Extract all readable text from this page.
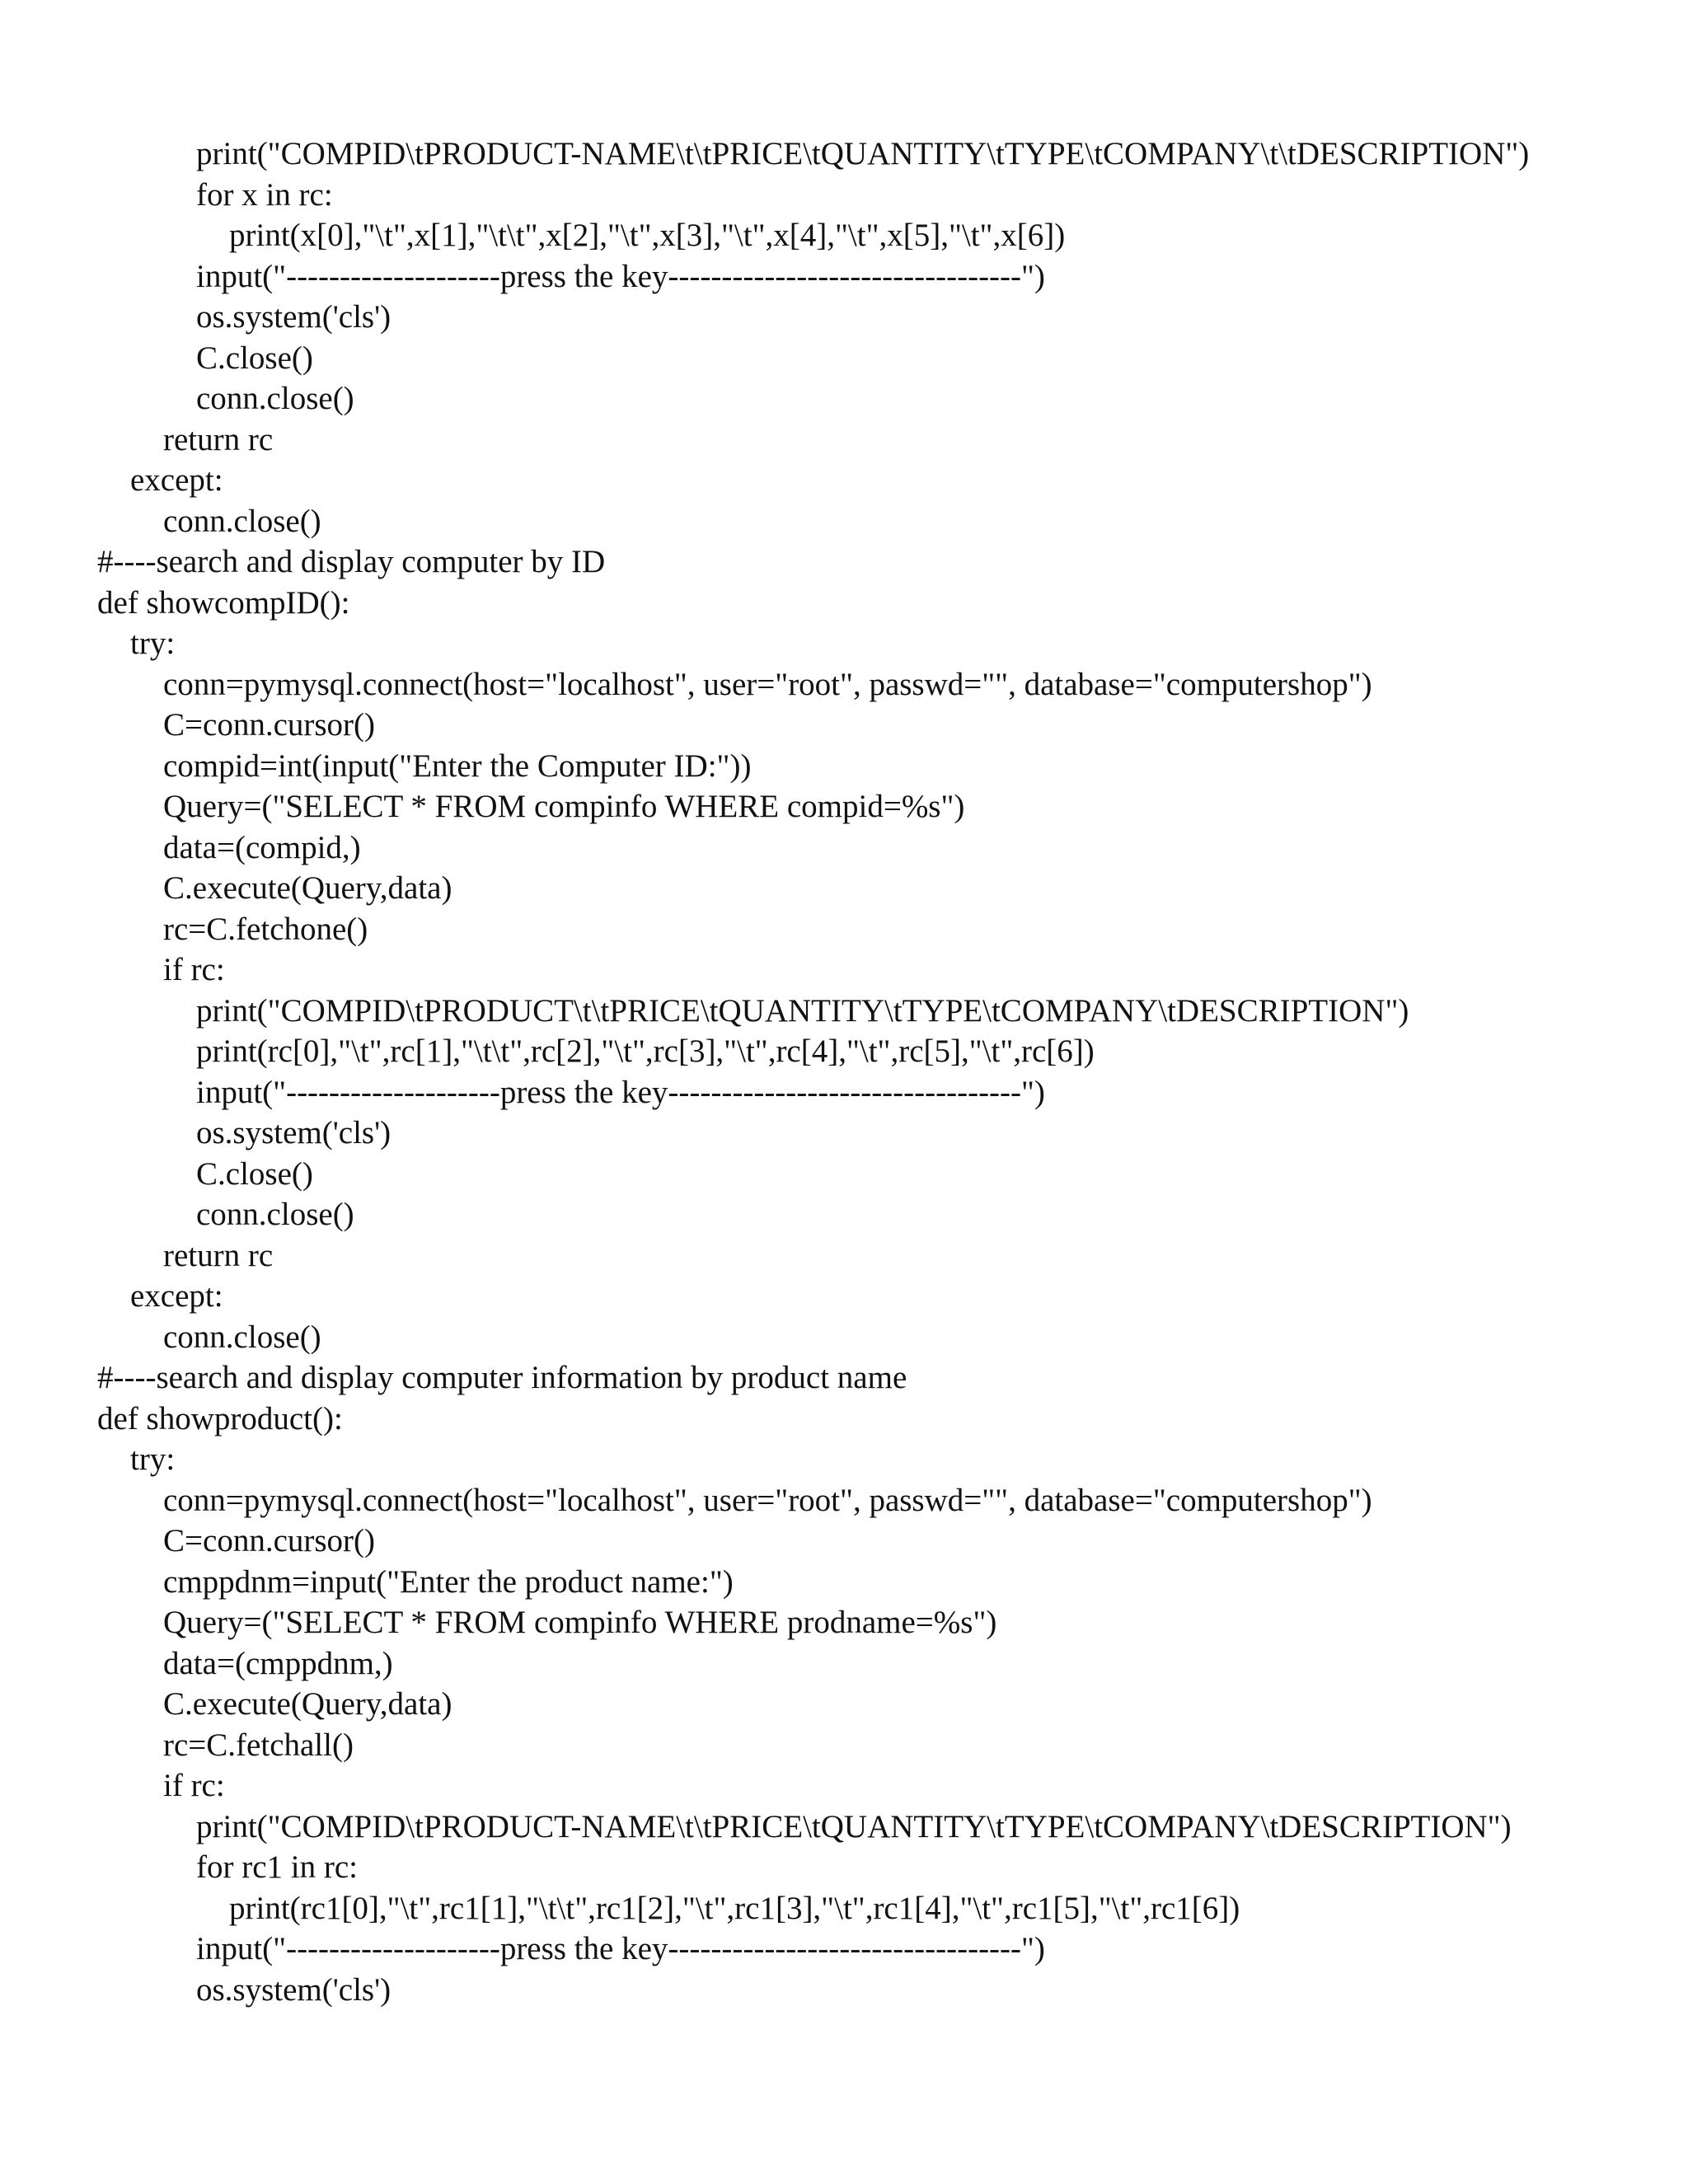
print("COMPID\tPRODUCT-NAME\t\tPRICE\tQUANTITY\tTYPE\tCOMPANY\t\tDESCRIPTION")
for x in rc:
print(x[0],"\t",x[1],"\t\t",x[2],"\t",x[3],"\t",x[4],"\t",x[5],"\t",x[6])
input("--------------------press the key---------------------------------")
os.system('cls')
C.close()
conn.close()
return rc
except:
conn.close()
#----search and display computer by ID
def showcompID():
try:
conn=pymysql.connect(host="localhost", user="root", passwd="", database="computershop")
C=conn.cursor()
compid=int(input("Enter the Computer ID:"))
Query=("SELECT * FROM compinfo WHERE compid=%s")
data=(compid,)
C.execute(Query,data)
rc=C.fetchone()
if rc:
print("COMPID\tPRODUCT\t\tPRICE\tQUANTITY\tTYPE\tCOMPANY\tDESCRIPTION")
print(rc[0],"\t",rc[1],"\t\t",rc[2],"\t",rc[3],"\t",rc[4],"\t",rc[5],"\t",rc[6])
input("--------------------press the key---------------------------------")
os.system('cls')
C.close()
conn.close()
return rc
except:
conn.close()
#----search and display computer information by product name
def showproduct():
try:
conn=pymysql.connect(host="localhost", user="root", passwd="", database="computershop")
C=conn.cursor()
cmppdnm=input("Enter the product name:")
Query=("SELECT * FROM compinfo WHERE prodname=%s")
data=(cmppdnm,)
C.execute(Query,data)
rc=C.fetchall()
if rc:
print("COMPID\tPRODUCT-NAME\t\tPRICE\tQUANTITY\tTYPE\tCOMPANY\tDESCRIPTION")
for rc1 in rc:
print(rc1[0],"\t",rc1[1],"\t\t",rc1[2],"\t",rc1[3],"\t",rc1[4],"\t",rc1[5],"\t",rc1[6])
input("--------------------press the key---------------------------------")
os.system('cls')
